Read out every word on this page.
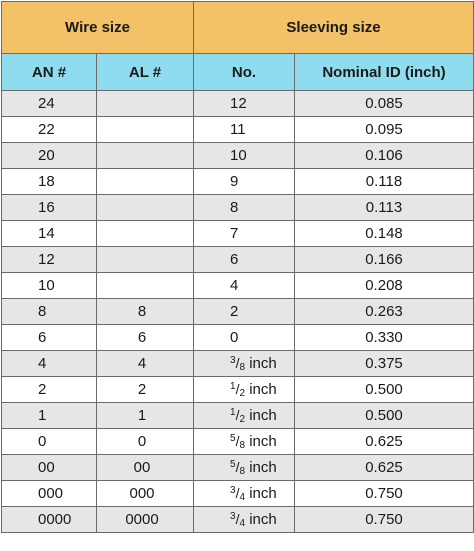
Wire size		Sleeving size	
AN #	AL #	No.	Nominal ID (inch)
24		12	0.085
22		11	0.095
20		10	0.106
18		9	0.118
16		8	0.113
14		7	0.148
12		6	0.166
10		4	0.208
8	8	2	0.263
6	6	0	0.330
4	4	$^3/_8$ inch	0.375
2	2	$^1/_2$ inch	0.500
1	1	$^1/_2$ inch	0.500
0	0	$^5/_8$ inch	0.625
00	00	$^5/_8$ inch	0.625
000	000	$^3/_4$ inch	0.750
0000	0000	$^3/_4$ inch	0.750
